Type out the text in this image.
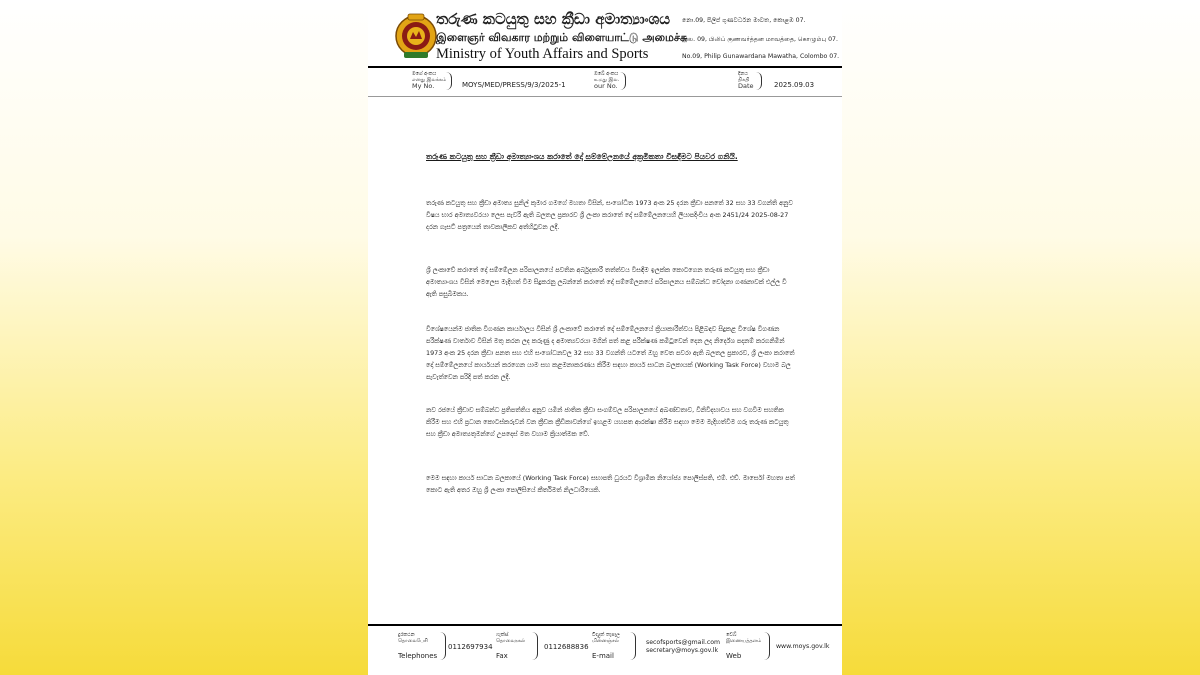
තරුණ කටයුතු සහ ක්‍රීඩා අමාත්‍යාංශය
இளைஞர் விவகார மற்றும் விளையாட்டு அமைச்சு
Ministry of Youth Affairs and Sports
නො.09, පිලිප් ගුණවර්ධන මාවත, කොළඹ 07.
இல. 09, பிலிப் குணவர்த்தன மாவத்தை, கொழும்பு 07.
No.09, Philip Gunawardana Mawatha, Colombo 07.
මගේ අංකය
எனது இலக்கம்
My No.	MOYS/MED/PRESS/9/3/2025-1
ඔබේ අංකය
உமது இல.
our No.
දිනය
திகதி
Date	2025.09.03
තරුණ කටයුතු සහ ක්‍රීඩා අමාත්‍යාංශය කරාතේ දෝ සම්මේලනයේ අක්‍රමිකතා විසඳීමට පියවර ගනියි.
තරුණ කටයුතු සහ ක්‍රීඩා අමාත්‍ය සුනිල් කුමාර ගමගේ මහතා විසින්, සංශෝධිත 1973 අංක 25 දරන ක්‍රීඩා පනතේ 32 සහ 33 වගන්ති අනුව විෂය භාර අමාත්‍යවරයා ලෙස පැවරී ඇති බලතල ප්‍රකාරව ශ්‍රී ලංකා කරාතේ දෝ සම්මේලනයෙහි ලියාපදිංචිය අංක 2451/24 2025-08-27 දරන ගැසට් පත්‍රයෙන් තාවකාලිකව අත්හිටුවන ලදී.
ශ්‍රී ලංකාවේ කරාතේ දෝ සම්මේලන පරිපාලනයේ පවතින අර්බුදකාරී තත්ත්වය විසඳීම ඉලක්ක කොටගෙන තරුණ කටයුතු සහ ක්‍රීඩා අමාත්‍යාංශය විසින් මෙලෙස මැදිහත් වීම සිදුකරනු ලබන්නේ කරාතේ දෝ සම්මේලනයේ පරිපාලනය සම්බන්ධ චෝදනා ගණනාවක් එල්ල වී ඇති පසුබිමකය.
විශේෂයෙන්ම ජාතික විගණන කාර්යාලය විසින් ශ්‍රී ලංකාවේ කරාතේ දෝ සම්මේලනයේ ක්‍රියාකාරීත්වය පිළිබඳව සිදුකළ විශේෂ විගණන පරීක්ෂණ වාර්තාව විසින් මතු කරන ලද කරුණු ද අමාත්‍යවරයා මගින් පත් කළ පරීක්ෂණ කමිටුවෙන් දෙන ලද නිර්දේශ පදනම් කරගනිමින් 1973 අංක 25 දරන ක්‍රීඩා පනත සහ එහි සංශෝධනවල 32 සහ 33 වගන්ති යටතේ ඔහු වෙත පවරා ඇති බලතල ප්‍රකාරව, ශ්‍රී ලංකා කරාතේ දෝ සම්මේලනයේ කාර්යයන් කරගෙන යාම සහ කළමනාකරණය කිරීම සඳහා කාර්ය සාධන බලකායක් (Working Task Force) වහාම බල පැවැත්වෙන පරිදි පත් කරන ලදී.
නව රජයේ ක්‍රීඩාව සම්බන්ධ ප්‍රතිපත්තිය අනුව යමින් ජාතික ක්‍රීඩා සංගම්වල පරිපාලනයේ අඛණ්ඩතාව, විනිවිදභාවය සහ වගවීම සහතික කිරීම සහ එහි ප්‍රධාන කොටස්කරුවන් වන ක්‍රීඩක ක්‍රීඩිකාවන්ගේ ඉහළම යහපත ආරක්ෂා කිරීම සඳහා මෙම මැදිහත්වීම ගරු තරුණ කටයුතු සහ ක්‍රීඩා අමාත්‍යතුමන්ගේ උපදෙස් මත වහාම ක්‍රියාත්මක වේ.
මෙම සඳහා කාර්ය සාධන බලකායේ (Working Task Force) සභාපති ධුරයට විශ්‍රාමික නියෝජ්‍ය පොලිස්පති, එම්. එච්. මාර්සෝ මහතා පත් කොට ඇති අතර ඔහු ශ්‍රී ලංකා පොලිසියේ කීර්තිමත් නිලධාරියෙකි.
දුරකථන
தொலைபேசி
Telephones
0112697934
ෆැක්ස්
தொலைநகல்
Fax
0112688836
විද්‍යුත් තැපෑල
மின்னஞ்சல்
E-mail
secofsports@gmail.com
secretary@moys.gov.lk
වෙබ්
இணையத்தளம்
Web
www.moys.gov.lk
